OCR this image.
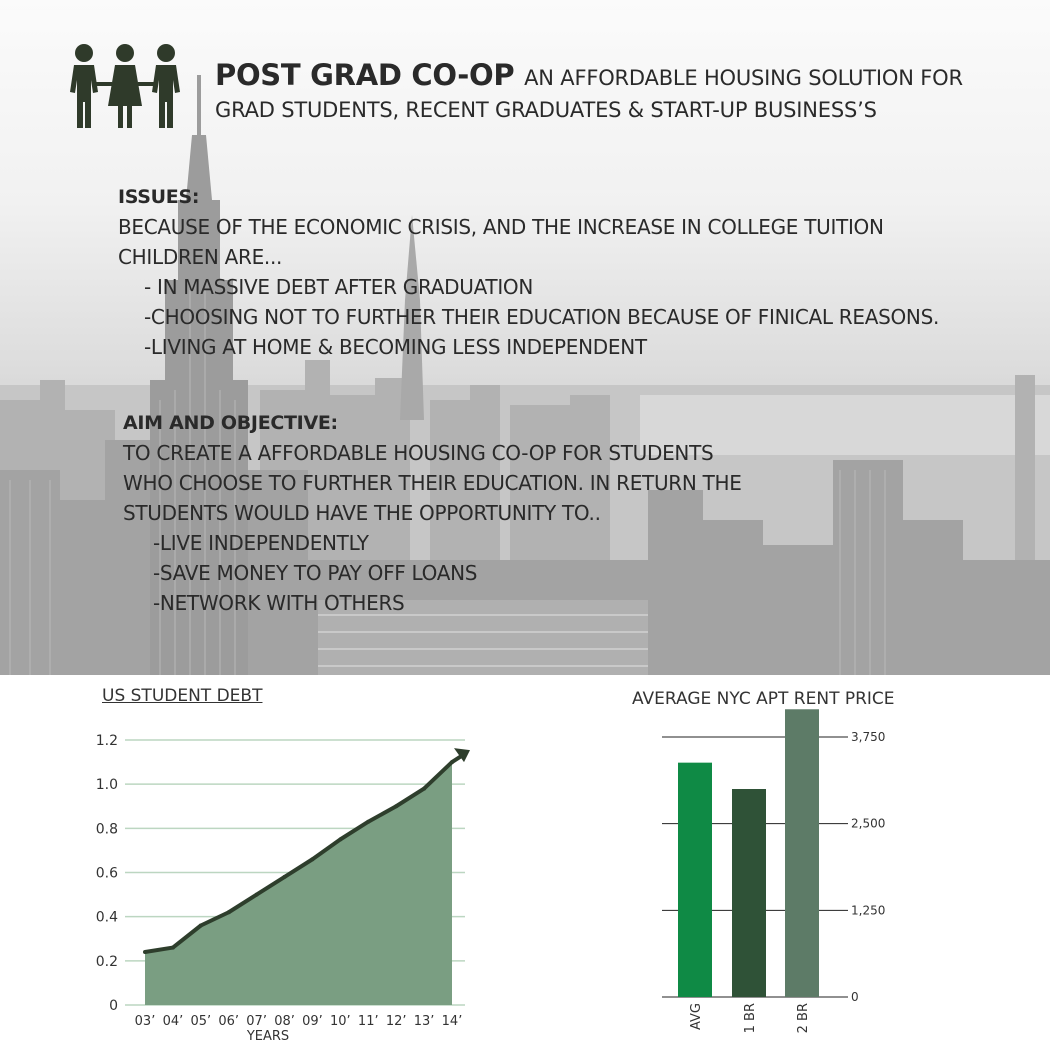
POST GRAD CO-OP AN AFFORDABLE HOUSING SOLUTION FOR
GRAD STUDENTS, RECENT GRADUATES & START-UP BUSINESS’S
ISSUES:
BECAUSE OF THE ECONOMIC CRISIS, AND THE INCREASE IN COLLEGE TUITION
CHILDREN ARE...
- IN MASSIVE DEBT AFTER GRADUATION
-CHOOSING NOT TO FURTHER THEIR EDUCATION BECAUSE OF FINICAL REASONS.
-LIVING AT HOME & BECOMING LESS INDEPENDENT
AIM AND OBJECTIVE:
TO CREATE A AFFORDABLE HOUSING CO-OP FOR STUDENTS
WHO CHOOSE TO FURTHER THEIR EDUCATION. IN RETURN THE
STUDENTS WOULD HAVE THE OPPORTUNITY TO..
-LIVE INDEPENDENTLY
-SAVE MONEY TO PAY OFF LOANS
-NETWORK WITH OTHERS
US STUDENT DEBT
0
0.2
0.4
0.6
0.8
1.0
1.2
03’ 04’ 05’ 06’ 07’ 08’ 09’ 10’ 11’ 12’ 13’ 14’
YEARS
AVERAGE NYC APT RENT PRICE
0
1,250
2,500
3,750
AVG	1 BR	2 BR
